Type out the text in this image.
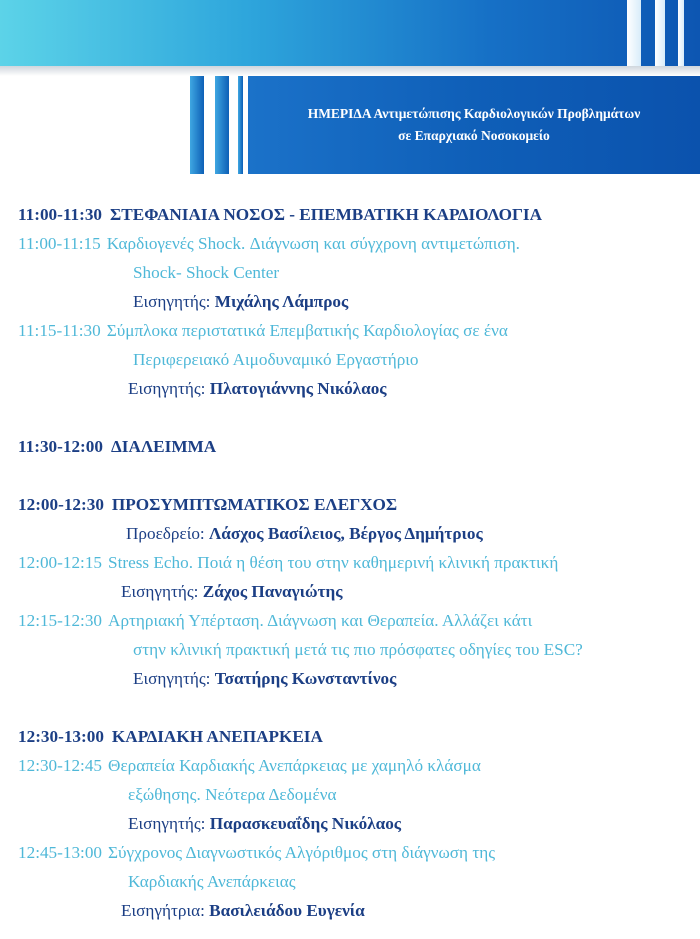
ΗΜΕΡΙΔΑ Αντιμετώπισης Καρδιολογικών Προβλημάτων
σε Επαρχιακό Νοσοκομείο
11:00-11:30 ΣΤΕΦΑΝΙΑΙΑ ΝΟΣΟΣ - ΕΠΕΜΒΑΤΙΚΗ ΚΑΡΔΙΟΛΟΓΙΑ
11:00-11:15 Καρδιογενές Shock. Διάγνωση και σύγχρονη αντιμετώπιση.
Shock- Shock Center
Εισηγητής: Μιχάλης Λάμπρος
11:15-11:30 Σύμπλοκα περιστατικά Επεμβατικής Καρδιολογίας σε ένα
Περιφερειακό Αιμοδυναμικό Εργαστήριο
Εισηγητής: Πλατογιάννης Νικόλαος
11:30-12:00 ΔΙΑΛΕΙΜΜΑ
12:00-12:30 ΠΡΟΣΥΜΠΤΩΜΑΤΙΚΟΣ ΕΛΕΓΧΟΣ
Προεδρείο: Λάσχος Βασίλειος, Βέργος Δημήτριος
12:00-12:15 Stress Echo. Ποιά η θέση του στην καθημερινή κλινική πρακτική
Εισηγητής: Ζάχος Παναγιώτης
12:15-12:30 Αρτηριακή Υπέρταση. Διάγνωση και Θεραπεία. Αλλάζει κάτι
στην κλινική πρακτική μετά τις πιο πρόσφατες οδηγίες του ESC?
Εισηγητής: Τσατήρης Κωνσταντίνος
12:30-13:00 ΚΑΡΔΙΑΚΗ ΑΝΕΠΑΡΚΕΙΑ
12:30-12:45 Θεραπεία Καρδιακής Ανεπάρκειας με χαμηλό κλάσμα
εξώθησης. Νεότερα Δεδομένα
Εισηγητής: Παρασκευαΐδης Νικόλαος
12:45-13:00 Σύγχρονος Διαγνωστικός Αλγόριθμος στη διάγνωση της
Καρδιακής Ανεπάρκειας
Εισηγήτρια: Βασιλειάδου Ευγενία
